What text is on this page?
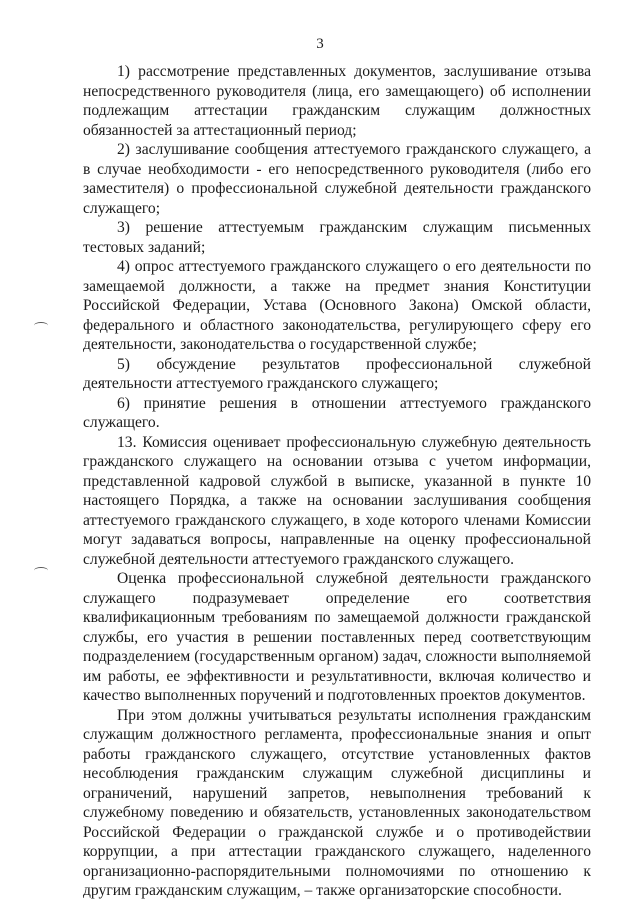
3

1) рассмотрение представленных документов, заслушивание отзыва непосредственного руководителя (лица, его замещающего) об исполнении подлежащим аттестации гражданским служащим должностных обязанностей за аттестационный период;

2) заслушивание сообщения аттестуемого гражданского служащего, а в случае необходимости - его непосредственного руководителя (либо его заместителя) о профессиональной служебной деятельности гражданского служащего;

3) решение аттестуемым гражданским служащим письменных тестовых заданий;

4) опрос аттестуемого гражданского служащего о его деятельности по замещаемой должности, а также на предмет знания Конституции Российской Федерации, Устава (Основного Закона) Омской области, федерального и областного законодательства, регулирующего сферу его деятельности, законодательства о государственной службе;

5) обсуждение результатов профессиональной служебной деятельности аттестуемого гражданского служащего;

6) принятие решения в отношении аттестуемого гражданского служащего.

13. Комиссия оценивает профессиональную служебную деятельность гражданского служащего на основании отзыва с учетом информации, представленной кадровой службой в выписке, указанной в пункте 10 настоящего Порядка, а также на основании заслушивания сообщения аттестуемого гражданского служащего, в ходе которого членами Комиссии могут задаваться вопросы, направленные на оценку профессиональной служебной деятельности аттестуемого гражданского служащего.

Оценка профессиональной служебной деятельности гражданского служащего подразумевает определение его соответствия квалификационным требованиям по замещаемой должности гражданской службы, его участия в решении поставленных перед соответствующим подразделением (государственным органом) задач, сложности выполняемой им работы, ее эффективности и результативности, включая количество и качество выполненных поручений и подготовленных проектов документов.

При этом должны учитываться результаты исполнения гражданским служащим должностного регламента, профессиональные знания и опыт работы гражданского служащего, отсутствие установленных фактов несоблюдения гражданским служащим служебной дисциплины и ограничений, нарушений запретов, невыполнения требований к служебному поведению и обязательств, установленных законодательством Российской Федерации о гражданской службе и о противодействии коррупции, а при аттестации гражданского служащего, наделенного организационно-распорядительными полномочиями по отношению к другим гражданским служащим, – также организаторские способности.
